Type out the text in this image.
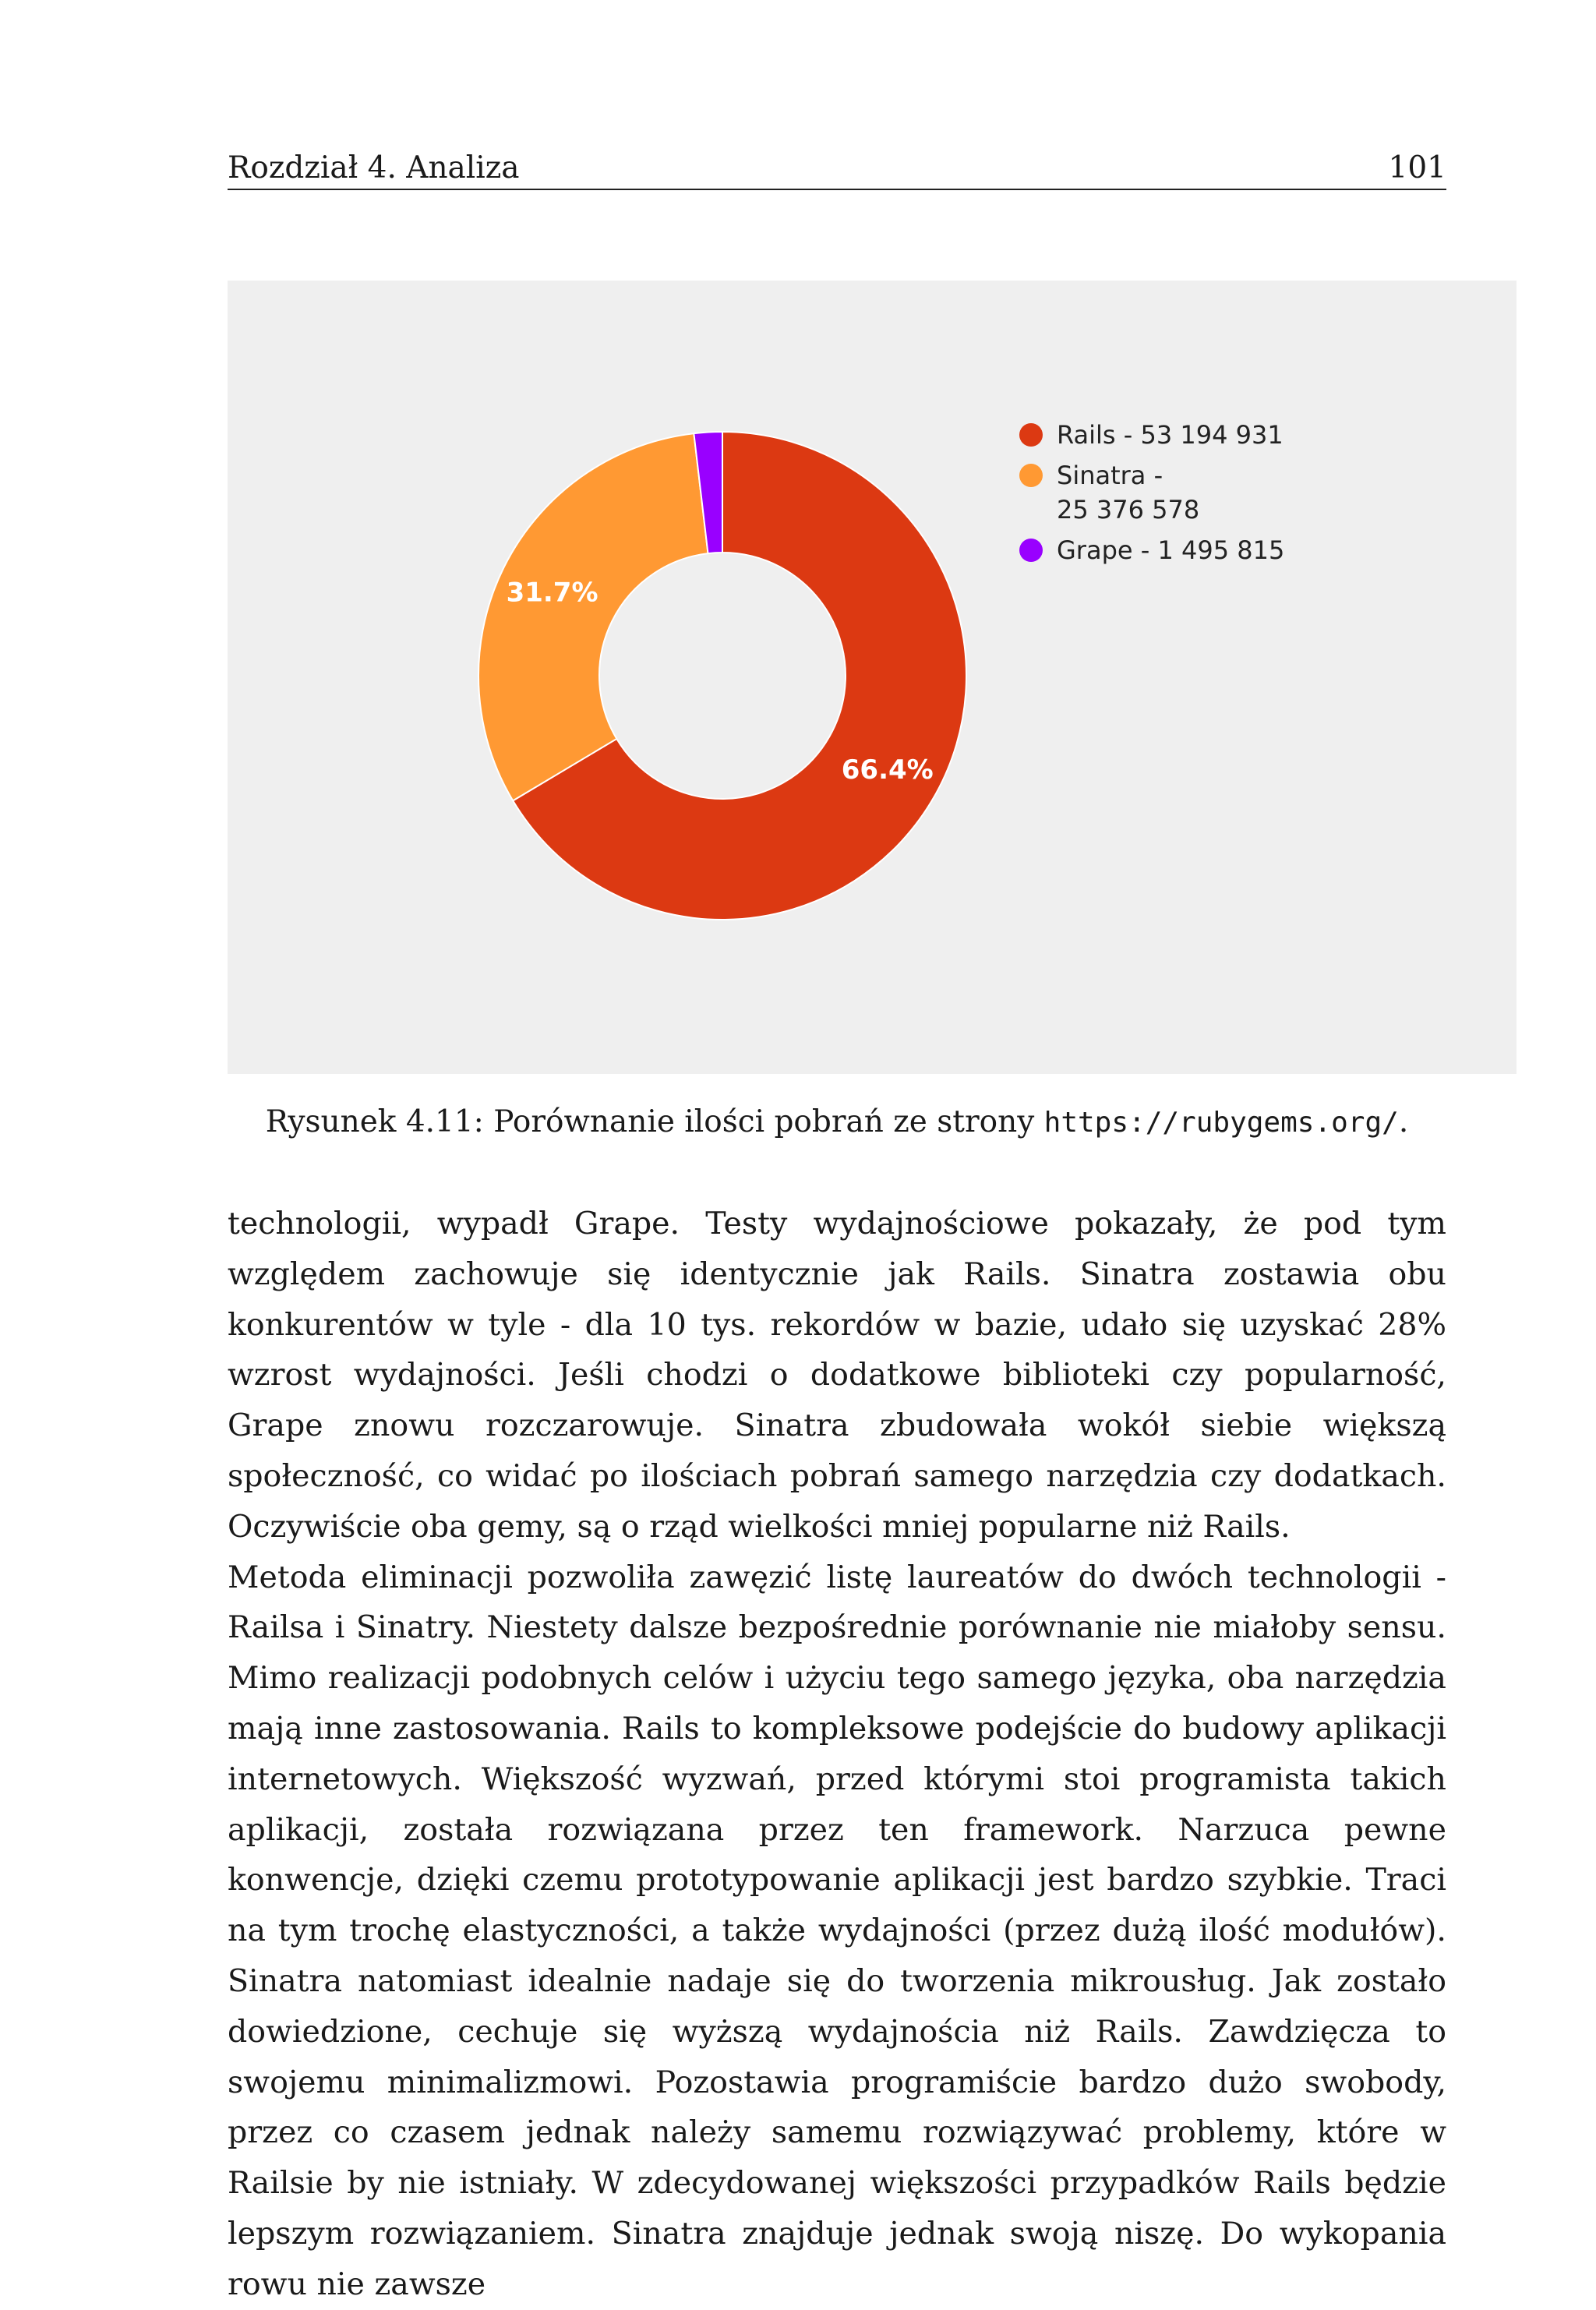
Rozdział 4. Analiza	101
66.4%
31.7%
Rails - 53 194 931
Sinatra -
25 376 578
Grape - 1 495 815
Rysunek 4.11: Porównanie ilości pobrań ze strony https://rubygems.org/.

technologii, wypadł Grape. Testy wydajnościowe pokazały, że pod tym względem zachowuje się identycznie jak Rails. Sinatra zostawia obu konkurentów w tyle - dla 10 tys. rekordów w bazie, udało się uzyskać 28% wzrost wydajności. Jeśli chodzi o dodatkowe biblioteki czy popularność, Grape znowu rozczarowuje. Sinatra zbudowała wokół siebie większą społeczność, co widać po ilościach pobrań samego narzędzia czy dodatkach. Oczywiście oba gemy, są o rząd wielkości mniej popularne niż Rails.

Metoda eliminacji pozwoliła zawęzić listę laureatów do dwóch technologii - Railsa i Sinatry. Niestety dalsze bezpośrednie porównanie nie miałoby sensu. Mimo realizacji podobnych celów i użyciu tego samego języka, oba narzędzia mają inne zastosowania. Rails to kompleksowe podejście do budowy aplikacji internetowych. Większość wyzwań, przed którymi stoi programista takich aplikacji, została rozwiązana przez ten framework. Narzuca pewne konwencje, dzięki czemu prototypowanie aplikacji jest bardzo szybkie. Traci na tym trochę elastyczności, a także wydajności (przez dużą ilość modułów). Sinatra natomiast idealnie nadaje się do tworzenia mikrousług. Jak zostało dowiedzione, cechuje się wyższą wydajnościa niż Rails. Zawdzięcza to swojemu minimalizmowi. Pozostawia programiście bardzo dużo swobody, przez co czasem jednak należy samemu rozwiązywać problemy, które w Railsie by nie istniały. W zdecydowanej większości przypadków Rails będzie lepszym rozwiązaniem. Sinatra znajduje jednak swoją niszę. Do wykopania rowu nie zawsze
